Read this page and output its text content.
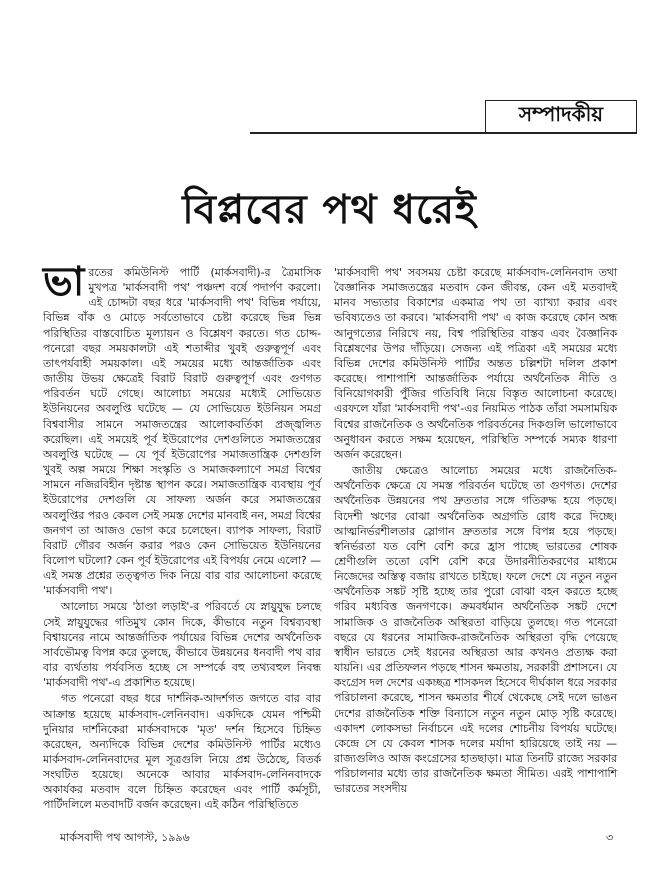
সম্পাদকীয়
বিপ্লবের পথ ধরেই

ভারতের কমিউনিস্ট পার্টি (মার্কসবাদী)-র ত্রৈমাসিক মুখপত্র 'মার্কসবাদী পথ' পঞ্চদশ বর্ষে পদার্পণ করলো। এই চোদ্দটা বছর ধরে 'মার্কসবাদী পথ' বিভিন্ন পর্যায়ে, বিভিন্ন বাঁক ও মোড়ে সর্বতোভাবে চেষ্টা করেছে ভিন্ন ভিন্ন পরিস্থিতির বাস্তবোচিত মূল্যায়ন ও বিশ্লেষণ করতে। গত চোদ্দ-পনেরো বছর সময়কালটা এই শতাব্দীর খুবই গুরুত্বপূর্ণ এবং তাৎপর্যবাহী সময়কাল। এই সময়ের মধ্যে আন্তর্জাতিক এবং জাতীয় উভয় ক্ষেত্রেই বিরাট বিরাট গুরুত্বপূর্ণ এবং গুণগত পরিবর্তন ঘটে গেছে। আলোচ্য সময়ের মধ্যেই সোভিয়েত ইউনিয়নের অবলুপ্তি ঘটেছে — যে সোভিয়েত ইউনিয়ন সমগ্র বিশ্ববাসীর সামনে সমাজতন্ত্রের আলোকবর্তিকা প্রজ্জ্বলিত করেছিল। এই সময়েই পূর্ব ইউরোপের দেশগুলিতে সমাজতন্ত্রের অবলুপ্তি ঘটেছে — যে পূর্ব ইউরোপের সমাজতান্ত্রিক দেশগুলি খুবই অল্প সময়ে শিক্ষা সংস্কৃতি ও সমাজকল্যাণে সমগ্র বিশ্বের সামনে নজিরবিহীন দৃষ্টান্ত স্থাপন করে। সমাজতান্ত্রিক ব্যবস্থায় পূর্ব ইউরোপের দেশগুলি যে সাফল্য অর্জন করে সমাজতন্ত্রের অবলুপ্তির পরও কেবল সেই সমস্ত দেশের মানবাই নন, সমগ্র বিশ্বের জনগণ তা আজও ভোগ করে চলেছেন। ব্যাপক সাফল্য, বিরাট বিরাট গৌরব অর্জন করার পরও কেন সোভিয়েত ইউনিয়নের বিলোপ ঘটলো? কেন পূর্ব ইউরোপের এই বিপর্যয় নেমে এলো? — এই সমস্ত প্রশ্নের তত্ত্বগত দিক নিয়ে বার বার আলোচনা করেছে 'মার্কসবাদী পথ'।

আলোচ্য সময়ে 'ঠাণ্ডা লড়াই'-র পরিবর্তে যে স্নায়ুযুদ্ধ চলছে সেই স্নায়ুযুদ্ধের গতিমুখ কোন দিকে, কীভাবে নতুন বিশ্বব্যবস্থা বিশ্বায়নের নামে আন্তর্জাতিক পর্যায়ের বিভিন্ন দেশের অর্থনৈতিক সার্বভৌমত্ব বিপন্ন করে তুলছে, কীভাবে উন্নয়নের ধনবাদী পথ বার বার ব্যর্থতায় পর্যবসিত হচ্ছে সে সম্পর্কে বহু তথ্যবহুল নিবন্ধ 'মার্কসবাদী পথ'-এ প্রকাশিত হয়েছে।

গত পনেরো বছর ধরে দার্শনিক-আদর্শগত জগতে বার বার আক্রান্ত হয়েছে মার্কসবাদ-লেনিনবাদ। একদিকে যেমন পশ্চিমী দুনিয়ার দার্শনিকেরা মার্কসবাদকে 'মৃত' দর্শন হিসেবে চিহ্নিত করেছেন, অন্যদিকে বিভিন্ন দেশের কমিউনিস্ট পার্টির মধ্যেও মার্কসবাদ-লেনিনবাদের মূল সূত্রগুলি নিয়ে প্রশ্ন উঠেছে, বিতর্ক সংঘটিত হয়েছে। অনেকে আবার মার্কসবাদ-লেনিনবাদকে অকার্যকর মতবাদ বলে চিহ্নিত করেছেন এবং পার্টি কর্মসূচী, পার্টিদলিলে মতবাদটি বর্জন করেছেন। এই কঠিন পরিস্থিতিতে

'মার্কসবাদী পথ' সবসময় চেষ্টা করেছে মার্কসবাদ-লেনিনবাদ তথা বৈজ্ঞানিক সমাজতন্ত্রের মতবাদ কেন জীবন্ত, কেন এই মতবাদই মানব সভ্যতার বিকাশের একমাত্র পথ তা ব্যাখ্যা করার এবং ভবিষ্যতেও তা করবে। 'মার্কসবাদী পথ' এ কাজ করেছে কোন অন্ধ আনুগত্যের নিরিখে নয়, বিশ্ব পরিস্থিতির বাস্তব এবং বৈজ্ঞানিক বিশ্লেষণের উপর দাঁড়িয়ে। সেজন্য এই পত্রিকা এই সময়ের মধ্যে বিভিন্ন দেশের কমিউনিস্ট পার্টির অন্তত চল্লিশটা দলিল প্রকাশ করেছে। পাশাপাশি আন্তর্জাতিক পর্যায়ে অর্থনৈতিক নীতি ও বিনিয়োগকারী পুঁজির গতিবিধি নিয়ে বিস্তৃত আলোচনা করেছে। এরফলে যাঁরা 'মার্কসবাদী পথ'-এর নিয়মিত পাঠক তাঁরা সমসাময়িক বিশ্বের রাজনৈতিক ও অর্থনৈতিক পরিবর্তনের দিকগুলি ভালোভাবে অনুধাবন করতে সক্ষম হয়েছেন, পরিস্থিতি সম্পর্কে সম্যক ধারণা অর্জন করেছেন।

জাতীয় ক্ষেত্রেও আলোচ্য সময়ের মধ্যে রাজনৈতিক-অর্থনৈতিক ক্ষেত্রে যে সমস্ত পরিবর্তন ঘটেছে তা গুণগত। দেশের অর্থনৈতিক উন্নয়নের পথ দ্রুততার সঙ্গে গতিরুদ্ধ হয়ে পড়ছে। বিদেশী ঋণের বোঝা অর্থনৈতিক অগ্রগতি রোধ করে দিচ্ছে। আত্মনির্ভরশীলতার স্লোগান দ্রুততার সঙ্গে বিপন্ন হয়ে পড়ছে। স্বনির্ভরতা যত বেশি বেশি করে হ্রাস পাচ্ছে ভারতের শোষক শ্রেণীগুলি ততো বেশি বেশি করে উদারনীতিকরণের মাধ্যমে নিজেদের অস্তিত্ব বজায় রাখতে চাইছে। ফলে দেশে যে নতুন নতুন অর্থনৈতিক সঙ্কট সৃষ্টি হচ্ছে তার পুরো বোঝা বহন করতে হচ্ছে গরিব মধ্যবিত্ত জনগণকে। ক্রমবর্ধমান অর্থনৈতিক সঙ্কট দেশে সামাজিক ও রাজনৈতিক অস্থিরতা বাড়িয়ে তুলছে। গত পনেরো বছরে যে ধরনের সামাজিক-রাজনৈতিক অস্থিরতা বৃদ্ধি পেয়েছে স্বাধীন ভারতে সেই ধরনের অস্থিরতা আর কখনও প্রত্যক্ষ করা যায়নি। এর প্রতিফলন পড়ছে শাসন ক্ষমতায়, সরকারী প্রশাসনে। যে কংগ্রেস দল দেশের একচ্ছত্র শাসকদল হিসেবে দীর্ঘকাল ধরে সরকার পরিচালনা করেছে, শাসন ক্ষমতার শীর্ষে থেকেছে সেই দলে ভাঙন দেশের রাজনৈতিক শক্তি বিন্যাসে নতুন নতুন মোড় সৃষ্টি করেছে। একাদশ লোকসভা নির্বাচনে এই দলের শোচনীয় বিপর্যয় ঘটেছে। কেন্দ্রে সে যে কেবল শাসক দলের মর্যাদা হারিয়েছে তাই নয় — রাজ্যগুলিও আজ কংগ্রেসের হাতছাড়া। মাত্র তিনটি রাজ্যে সরকার পরিচালনার মধ্যে তার রাজনৈতিক ক্ষমতা সীমিত। এরই পাশাপাশি ভারতের সংসদীয়

মার্কসবাদী পথ আগস্ট, ১৯৯৬	৩
